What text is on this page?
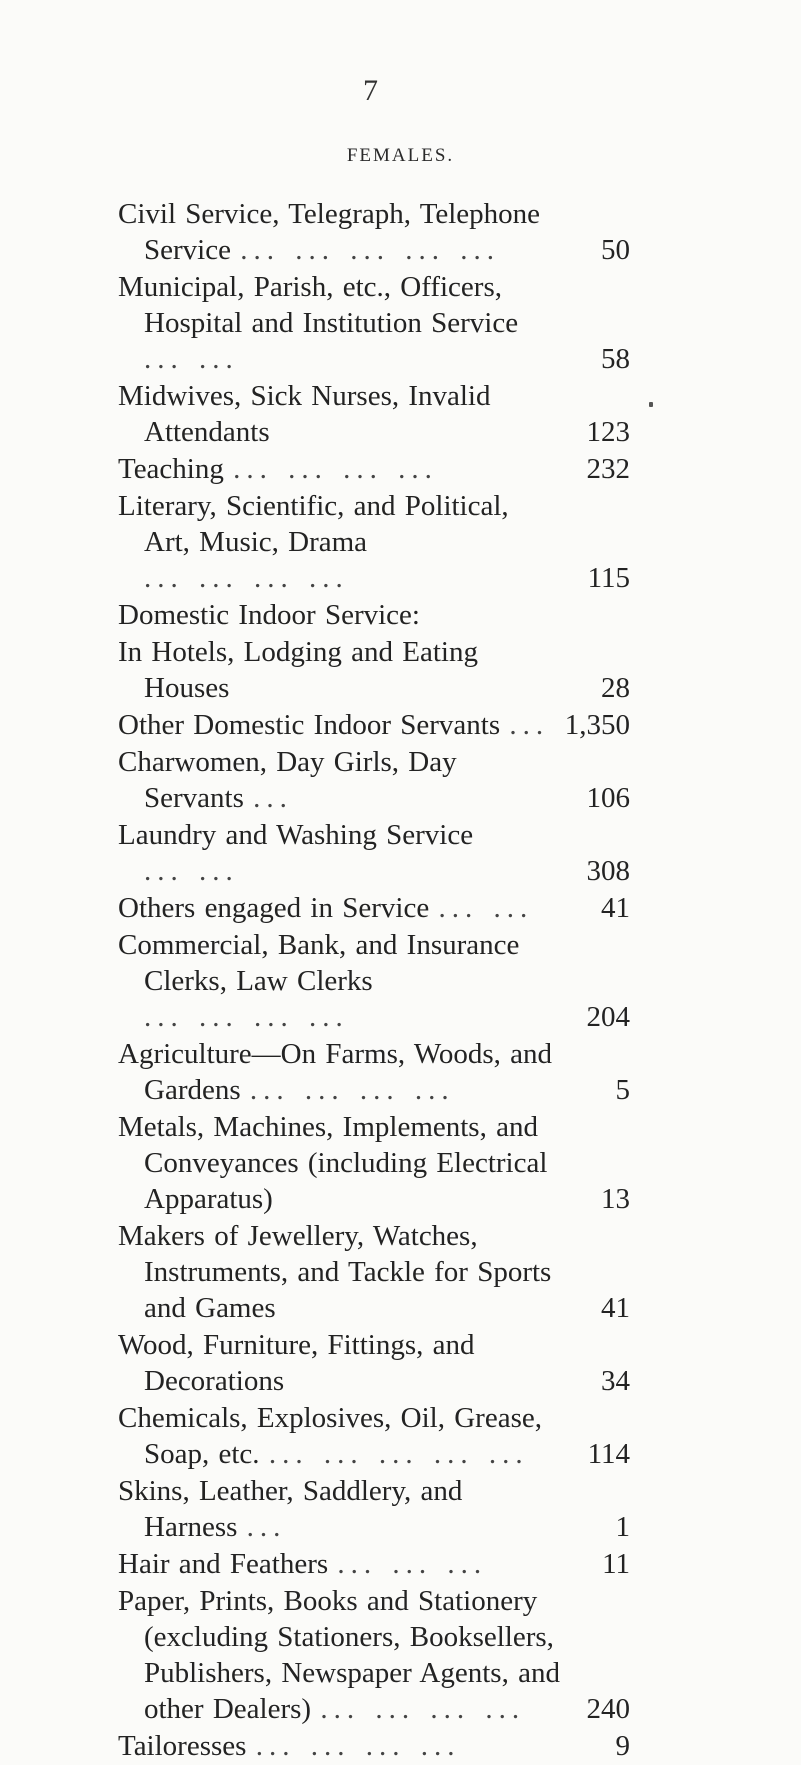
7
FEMALES.
Civil Service, Telegraph, Telephone Service ... ... ... ... ...	50
Municipal, Parish, etc., Officers, Hospital and Institution Service ... ...	58
Midwives, Sick Nurses, Invalid Attendants	123
Teaching ... ... ... ...	232
Literary, Scientific, and Political, Art, Music, Drama ... ... ... ...	115
Domestic Indoor Service:
In Hotels, Lodging and Eating Houses	28
Other Domestic Indoor Servants ... 1,350
Charwomen, Day Girls, Day Servants ...	106
Laundry and Washing Service ... ...	308
Others engaged in Service ... ...	41
Commercial, Bank, and Insurance Clerks, Law Clerks ... ... ... ...	204
Agriculture—On Farms, Woods, and Gardens ... ... ... ...	5
Metals, Machines, Implements, and Conveyances (including Electrical Apparatus)	13
Makers of Jewellery, Watches, Instruments, and Tackle for Sports and Games	41
Wood, Furniture, Fittings, and Decorations	34
Chemicals, Explosives, Oil, Grease, Soap, etc. ... ... ... ... ...	114
Skins, Leather, Saddlery, and Harness ...	1
Hair and Feathers ... ... ...	11
Paper, Prints, Books and Stationery (excluding Stationers, Booksellers, Publishers, Newspaper Agents, and other Dealers) ... ... ... ...	240
Tailoresses ... ... ... ...	9
